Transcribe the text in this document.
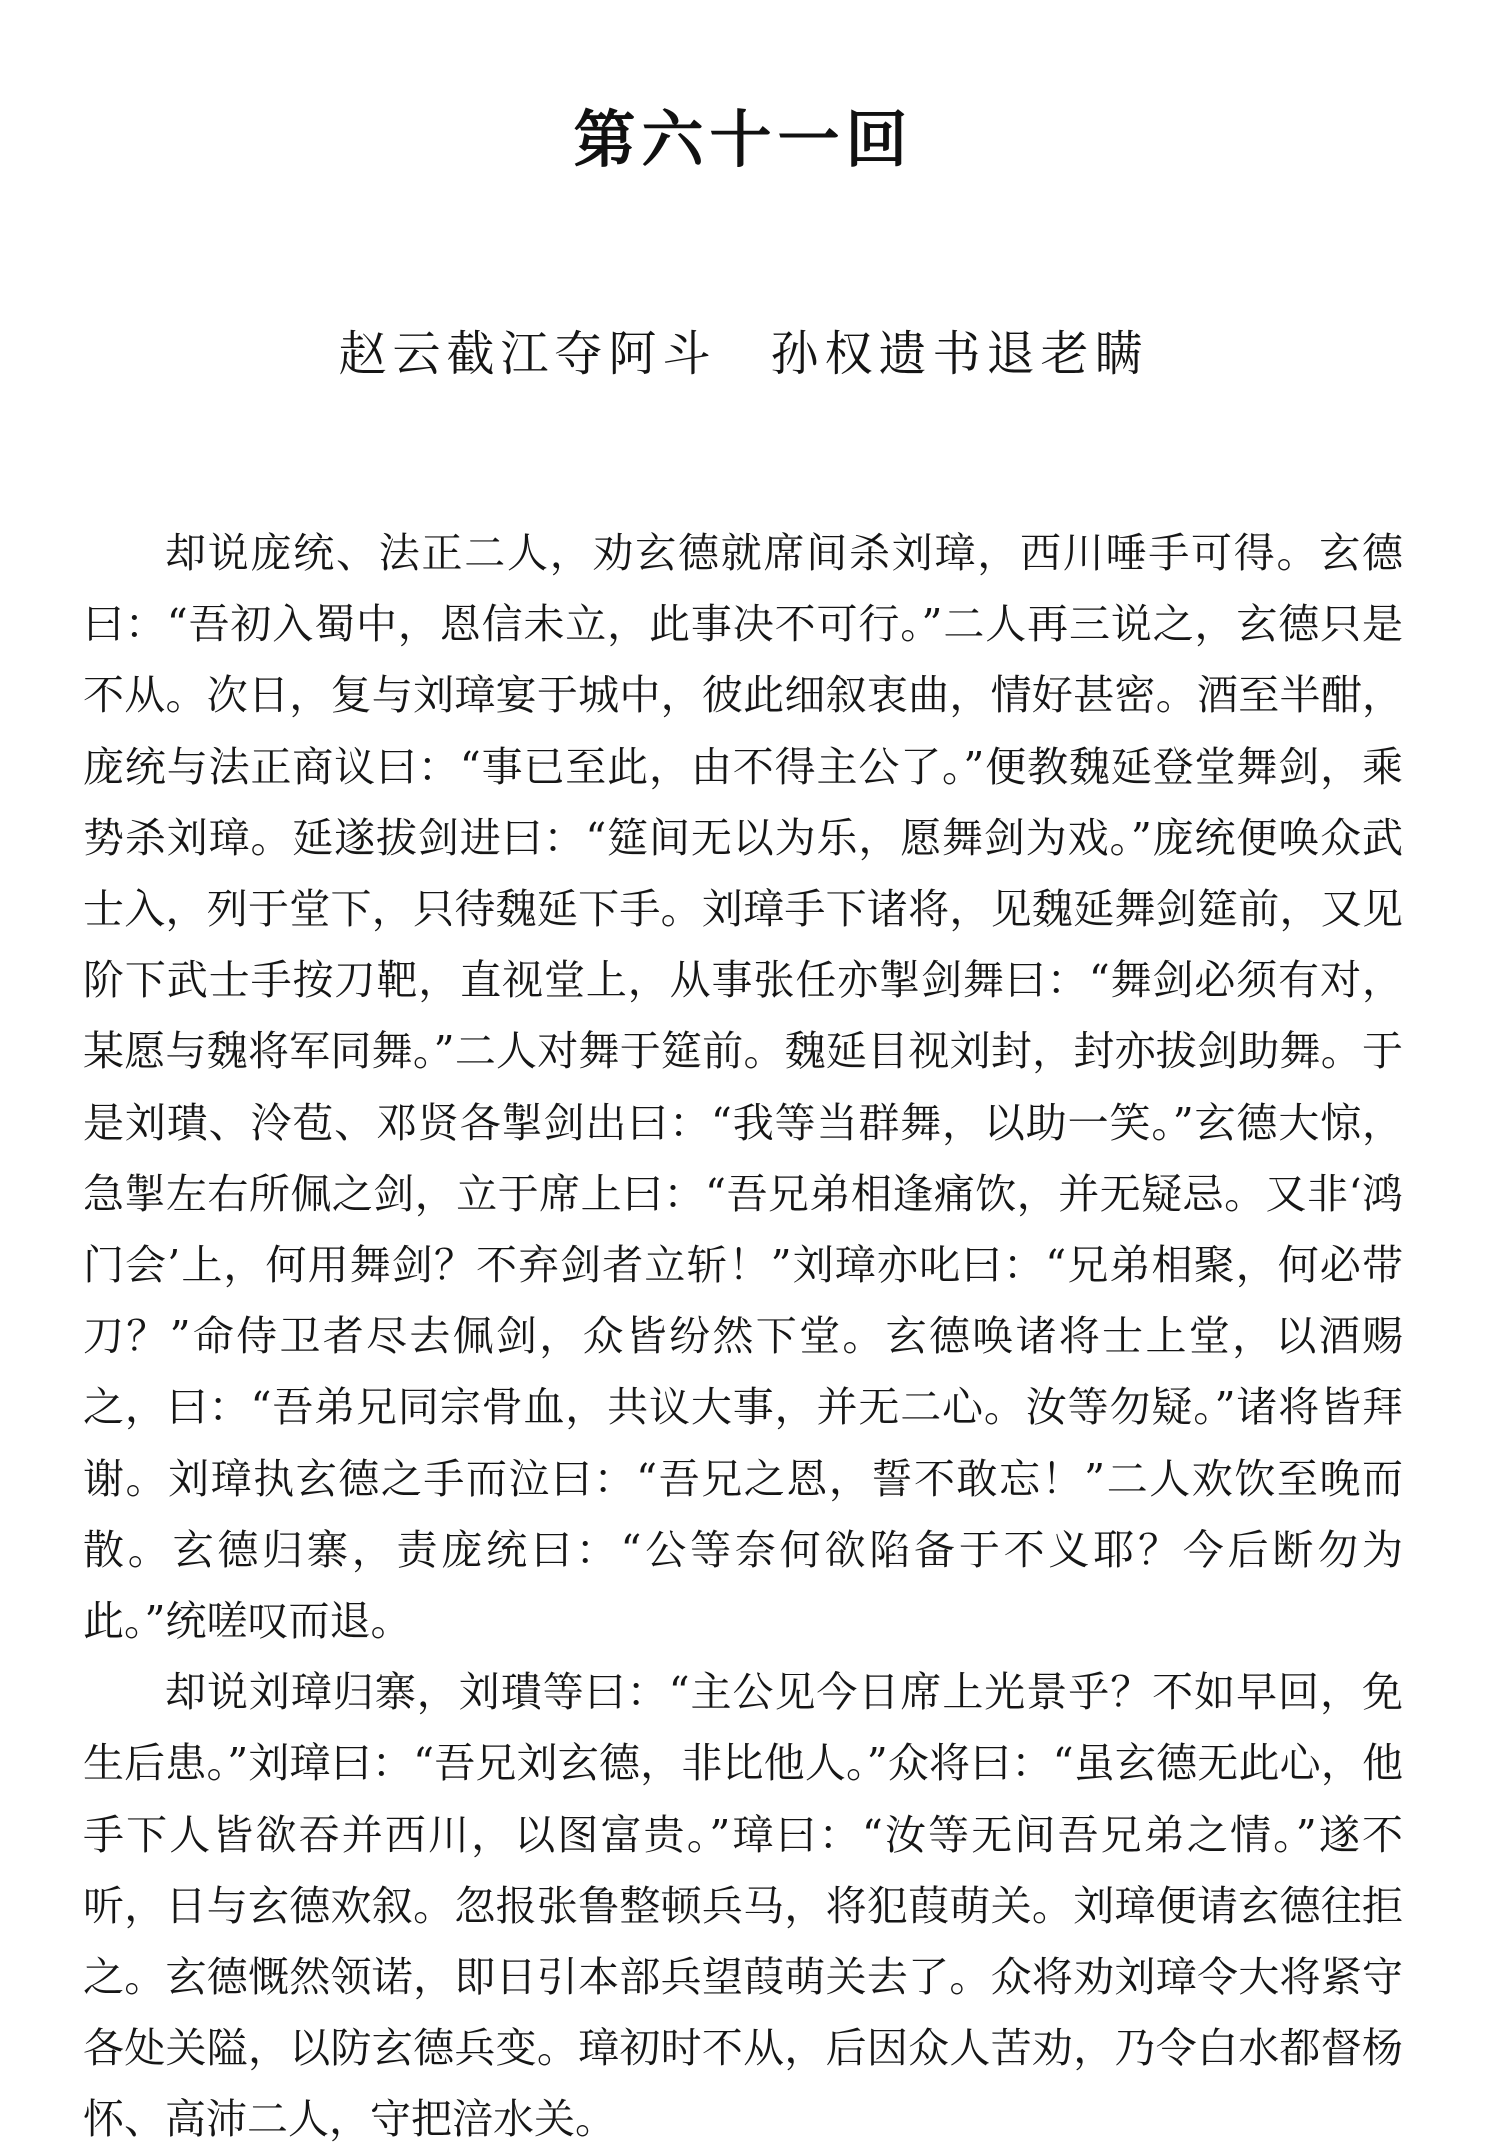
第六十一回
赵云截江夺阿斗　孙权遗书退老瞒

却说庞统、法正二人，劝玄德就席间杀刘璋，西川唾手可得。玄德曰：“吾初入蜀中，恩信未立，此事决不可行。”二人再三说之，玄德只是不从。次日，复与刘璋宴于城中，彼此细叙衷曲，情好甚密。酒至半酣，庞统与法正商议曰：“事已至此，由不得主公了。”便教魏延登堂舞剑，乘势杀刘璋。延遂拔剑进曰：“筵间无以为乐，愿舞剑为戏。”庞统便唤众武士入，列于堂下，只待魏延下手。刘璋手下诸将，见魏延舞剑筵前，又见阶下武士手按刀靶，直视堂上，从事张任亦掣剑舞曰：“舞剑必须有对，某愿与魏将军同舞。”二人对舞于筵前。魏延目视刘封，封亦拔剑助舞。于是刘璝、泠苞、邓贤各掣剑出曰：“我等当群舞，以助一笑。”玄德大惊，急掣左右所佩之剑，立于席上曰：“吾兄弟相逢痛饮，并无疑忌。又非‘鸿门会’上，何用舞剑？不弃剑者立斩！”刘璋亦叱曰：“兄弟相聚，何必带刀？”命侍卫者尽去佩剑，众皆纷然下堂。玄德唤诸将士上堂，以酒赐之，曰：“吾弟兄同宗骨血，共议大事，并无二心。汝等勿疑。”诸将皆拜谢。刘璋执玄德之手而泣曰：“吾兄之恩，誓不敢忘！”二人欢饮至晚而散。玄德归寨，责庞统曰：“公等奈何欲陷备于不义耶？今后断勿为此。”统嗟叹而退。

却说刘璋归寨，刘璝等曰：“主公见今日席上光景乎？不如早回，免生后患。”刘璋曰：“吾兄刘玄德，非比他人。”众将曰：“虽玄德无此心，他手下人皆欲吞并西川，以图富贵。”璋曰：“汝等无间吾兄弟之情。”遂不听，日与玄德欢叙。忽报张鲁整顿兵马，将犯葭萌关。刘璋便请玄德往拒之。玄德慨然领诺，即日引本部兵望葭萌关去了。众将劝刘璋令大将紧守各处关隘，以防玄德兵变。璋初时不从，后因众人苦劝，乃令白水都督杨怀、高沛二人，守把涪水关。
